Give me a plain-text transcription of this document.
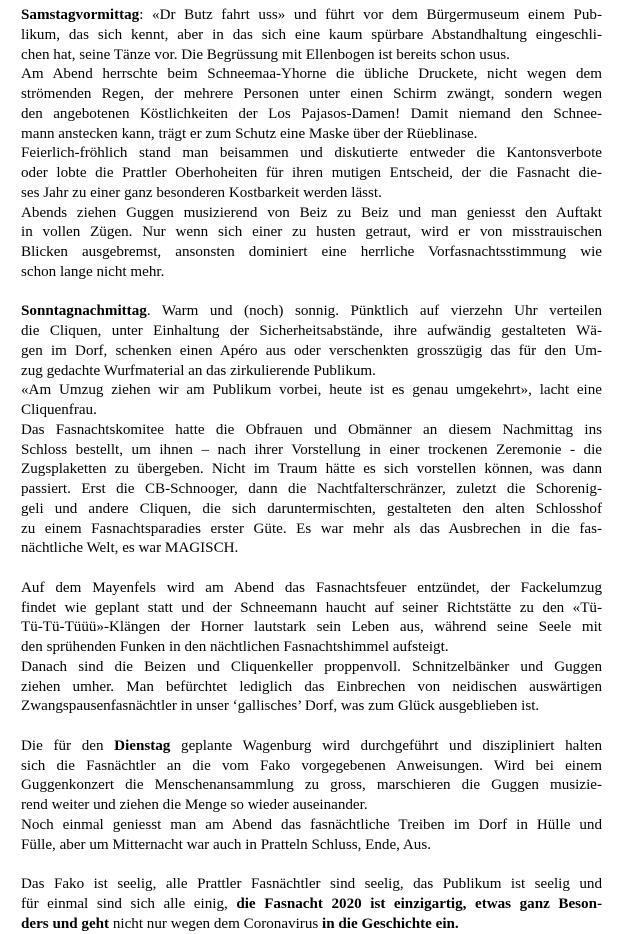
Samstagvormittag: «Dr Butz fahrt uss» und führt vor dem Bürgermuseum einem Pub-
likum, das sich kennt, aber in das sich eine kaum spürbare Abstandhaltung eingeschli-
chen hat, seine Tänze vor. Die Begrüssung mit Ellenbogen ist bereits schon usus.
Am Abend herrschte beim Schneemaa-Yhorne die übliche Druckete, nicht wegen dem
strömenden Regen, der mehrere Personen unter einen Schirm zwängt, sondern wegen
den angebotenen Köstlichkeiten der Los Pajasos-Damen! Damit niemand den Schnee-
mann anstecken kann, trägt er zum Schutz eine Maske über der Rüeblinase.
Feierlich-fröhlich stand man beisammen und diskutierte entweder die Kantonsverbote
oder lobte die Prattler Oberhoheiten für ihren mutigen Entscheid, der die Fasnacht die-
ses Jahr zu einer ganz besonderen Kostbarkeit werden lässt.
Abends ziehen Guggen musizierend von Beiz zu Beiz und man geniesst den Auftakt
in vollen Zügen. Nur wenn sich einer zu husten getraut, wird er von misstrauischen
Blicken ausgebremst, ansonsten dominiert eine herrliche Vorfasnachtsstimmung wie
schon lange nicht mehr.
Sonntagnachmittag. Warm und (noch) sonnig. Pünktlich auf vierzehn Uhr verteilen
die Cliquen, unter Einhaltung der Sicherheitsabstände, ihre aufwändig gestalteten Wä-
gen im Dorf, schenken einen Apéro aus oder verschenkten grosszügig das für den Um-
zug gedachte Wurfmaterial an das zirkulierende Publikum.
«Am Umzug ziehen wir am Publikum vorbei, heute ist es genau umgekehrt», lacht eine
Cliquenfrau.
Das Fasnachtskomitee hatte die Obfrauen und Obmänner an diesem Nachmittag ins
Schloss bestellt, um ihnen – nach ihrer Vorstellung in einer trockenen Zeremonie - die
Zugsplaketten zu übergeben. Nicht im Traum hätte es sich vorstellen können, was dann
passiert. Erst die CB-Schnooger, dann die Nachtfalterschränzer, zuletzt die Schorenig-
geli und andere Cliquen, die sich daruntermischten, gestalteten den alten Schlosshof
zu einem Fasnachtsparadies erster Güte. Es war mehr als das Ausbrechen in die fas-
nächtliche Welt, es war MAGISCH.
Auf dem Mayenfels wird am Abend das Fasnachtsfeuer entzündet, der Fackelumzug
findet wie geplant statt und der Schneemann haucht auf seiner Richtstätte zu den «Tü-
Tü-Tü-Tüüü»-Klängen der Horner lautstark sein Leben aus, während seine Seele mit
den sprühenden Funken in den nächtlichen Fasnachtshimmel aufsteigt.
Danach sind die Beizen und Cliquenkeller proppenvoll. Schnitzelbänker und Guggen
ziehen umher. Man befürchtet lediglich das Einbrechen von neidischen auswärtigen
Zwangspausenfasnächtler in unser ‘gallisches’ Dorf, was zum Glück ausgeblieben ist.
Die für den Dienstag geplante Wagenburg wird durchgeführt und diszipliniert halten
sich die Fasnächtler an die vom Fako vorgegebenen Anweisungen. Wird bei einem
Guggenkonzert die Menschenansammlung zu gross, marschieren die Guggen musizie-
rend weiter und ziehen die Menge so wieder auseinander.
Noch einmal geniesst man am Abend das fasnächtliche Treiben im Dorf in Hülle und
Fülle, aber um Mitternacht war auch in Pratteln Schluss, Ende, Aus.
Das Fako ist seelig, alle Prattler Fasnächtler sind seelig, das Publikum ist seelig und
für einmal sind sich alle einig, die Fasnacht 2020 ist einzigartig, etwas ganz Beson-
ders und geht nicht nur wegen dem Coronavirus in die Geschichte ein.
